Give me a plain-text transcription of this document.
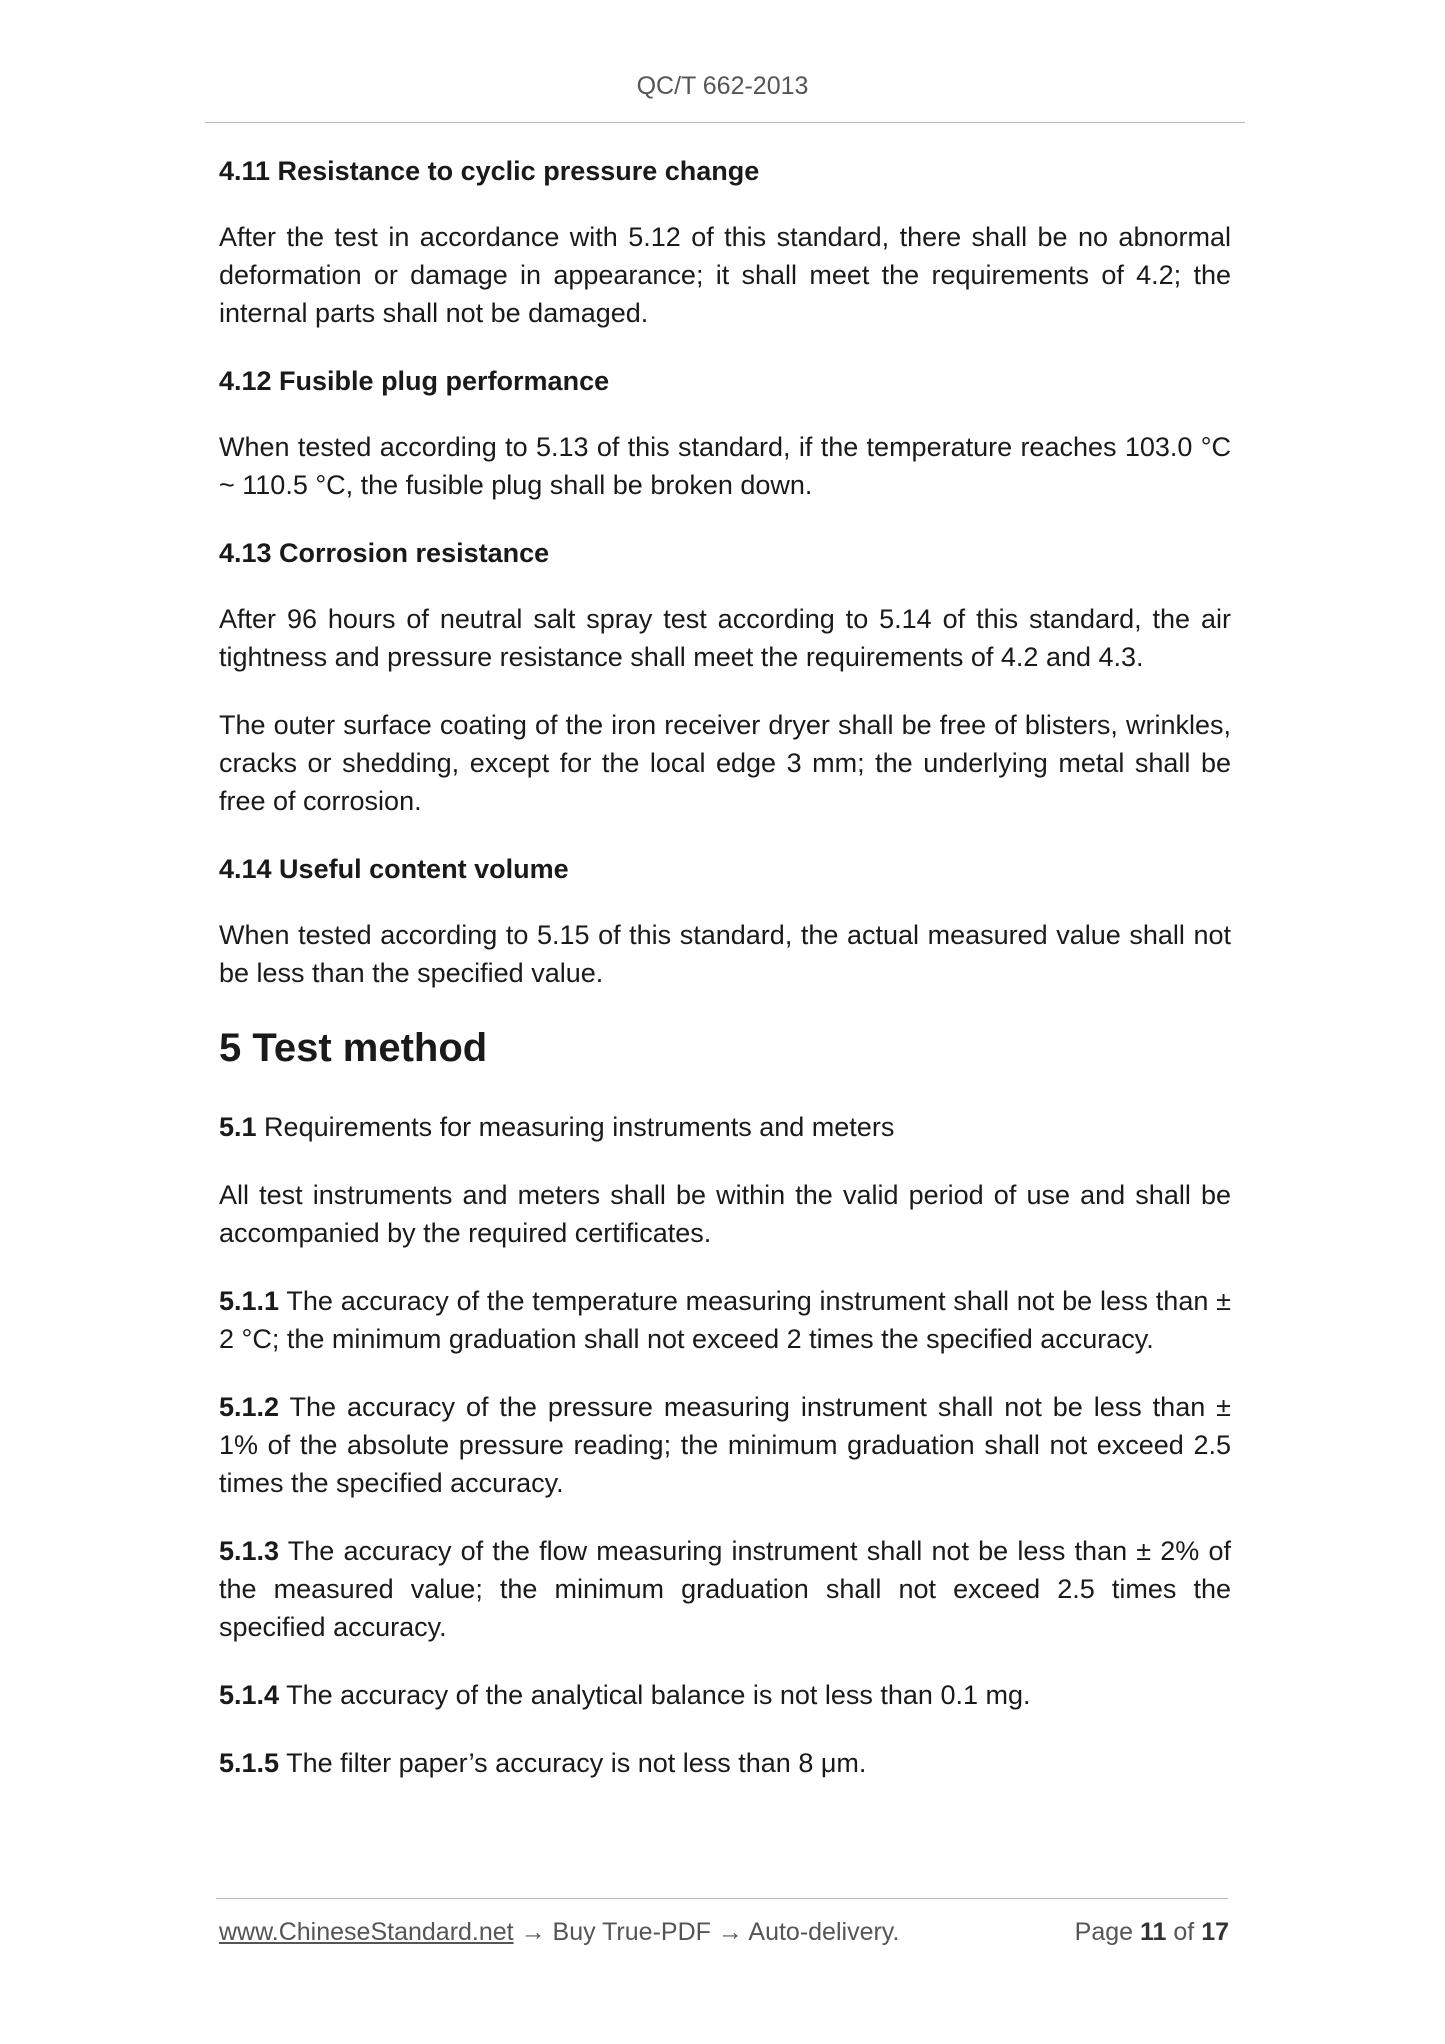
QC/T 662-2013
4.11 Resistance to cyclic pressure change

After the test in accordance with 5.12 of this standard, there shall be no abnormal deformation or damage in appearance; it shall meet the requirements of 4.2; the internal parts shall not be damaged.

4.12 Fusible plug performance

When tested according to 5.13 of this standard, if the temperature reaches 103.0 °C ~ 110.5 °C, the fusible plug shall be broken down.

4.13 Corrosion resistance

After 96 hours of neutral salt spray test according to 5.14 of this standard, the air tightness and pressure resistance shall meet the requirements of 4.2 and 4.3.

The outer surface coating of the iron receiver dryer shall be free of blisters, wrinkles, cracks or shedding, except for the local edge 3 mm; the underlying metal shall be free of corrosion.

4.14 Useful content volume

When tested according to 5.15 of this standard, the actual measured value shall not be less than the specified value.

5 Test method

5.1 Requirements for measuring instruments and meters

All test instruments and meters shall be within the valid period of use and shall be accompanied by the required certificates.

5.1.1 The accuracy of the temperature measuring instrument shall not be less than ± 2 °C; the minimum graduation shall not exceed 2 times the specified accuracy.

5.1.2 The accuracy of the pressure measuring instrument shall not be less than ± 1% of the absolute pressure reading; the minimum graduation shall not exceed 2.5 times the specified accuracy.

5.1.3 The accuracy of the flow measuring instrument shall not be less than ± 2% of the measured value; the minimum graduation shall not exceed 2.5 times the specified accuracy.

5.1.4 The accuracy of the analytical balance is not less than 0.1 mg.

5.1.5 The filter paper’s accuracy is not less than 8 μm.

www.ChineseStandard.net → Buy True-PDF → Auto-delivery.	Page 11 of 17
